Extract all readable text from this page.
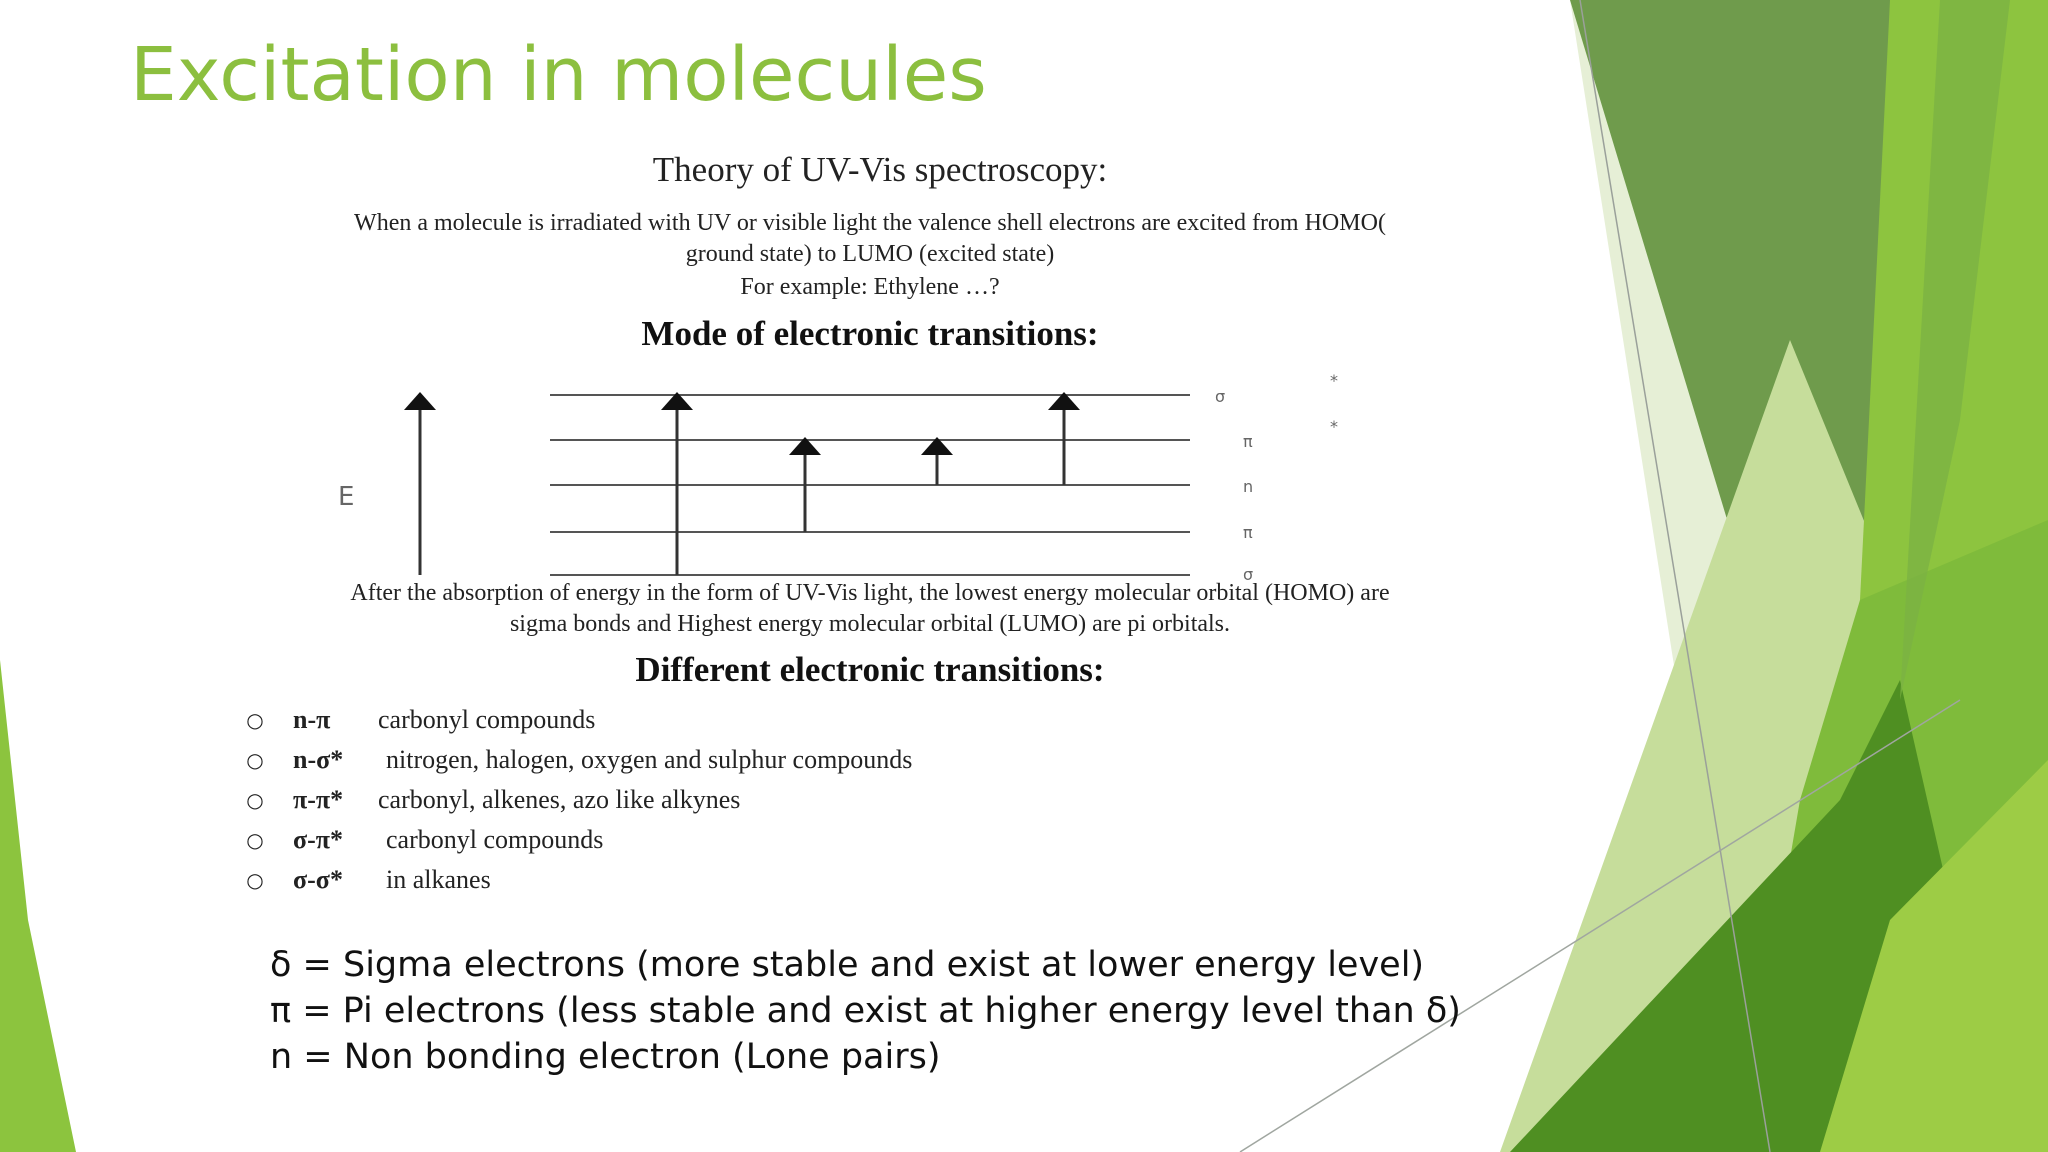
Excitation in molecules
Theory of UV-Vis spectroscopy:
When a molecule is irradiated with UV or visible light the valence shell electrons are excited from HOMO(
ground state) to LUMO (excited state)
For example: Ethylene …?
Mode of electronic transitions:
E
σ
π
n
π
σ
*
*
After the absorption of energy in the form of UV-Vis light, the lowest energy molecular orbital (HOMO) are
sigma bonds and Highest energy molecular orbital (LUMO) are pi orbitals.
Different electronic transitions:
○ n-π carbonyl compounds
○ n-σ* nitrogen, halogen, oxygen and sulphur compounds
○ π-π* carbonyl, alkenes, azo like alkynes
○ σ-π* carbonyl compounds
○ σ-σ* in alkanes
δ = Sigma electrons (more stable and exist at lower energy level)
π = Pi electrons (less stable and exist at higher energy level than δ)
n = Non bonding electron (Lone pairs)
